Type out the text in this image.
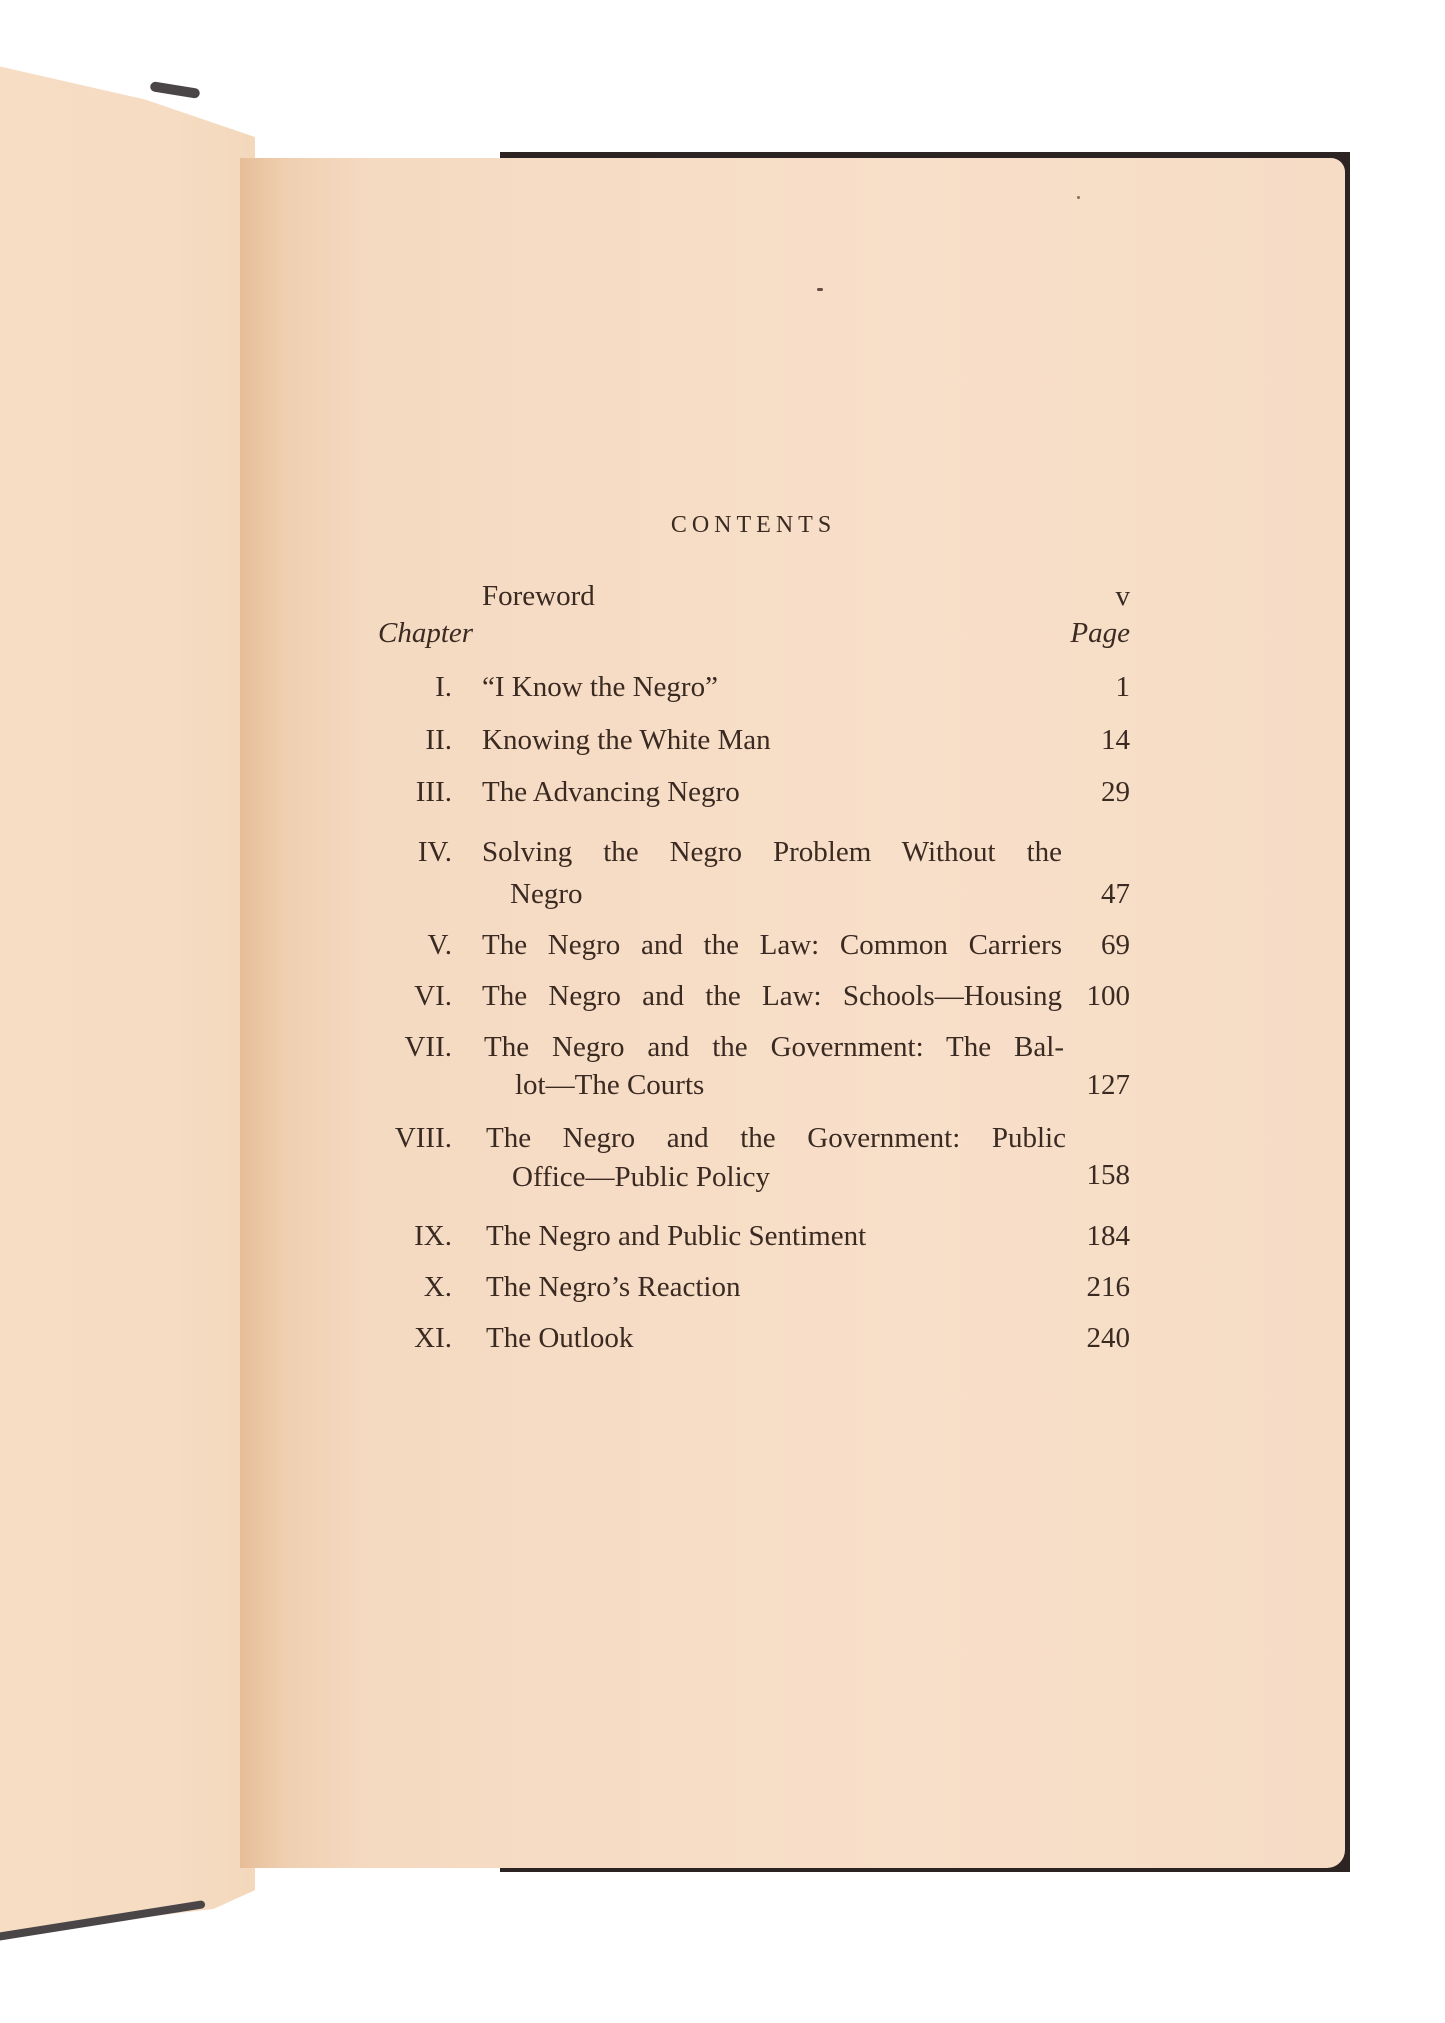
CONTENTS
Foreword	v
Chapter	Page
I. “I Know the Negro”	1
II. Knowing the White Man	14
III. The Advancing Negro	29
IV. Solving the Negro Problem Without the
Negro	47
V. The Negro and the Law: Common Carriers 69
VI. The Negro and the Law: Schools—Housing 100
VII. The Negro and the Government: The Bal-
lot—The Courts	127
VIII. The Negro and the Government: Public
Office—Public Policy	158
IX. The Negro and Public Sentiment	184
X. The Negro’s Reaction	216
XI. The Outlook	240
